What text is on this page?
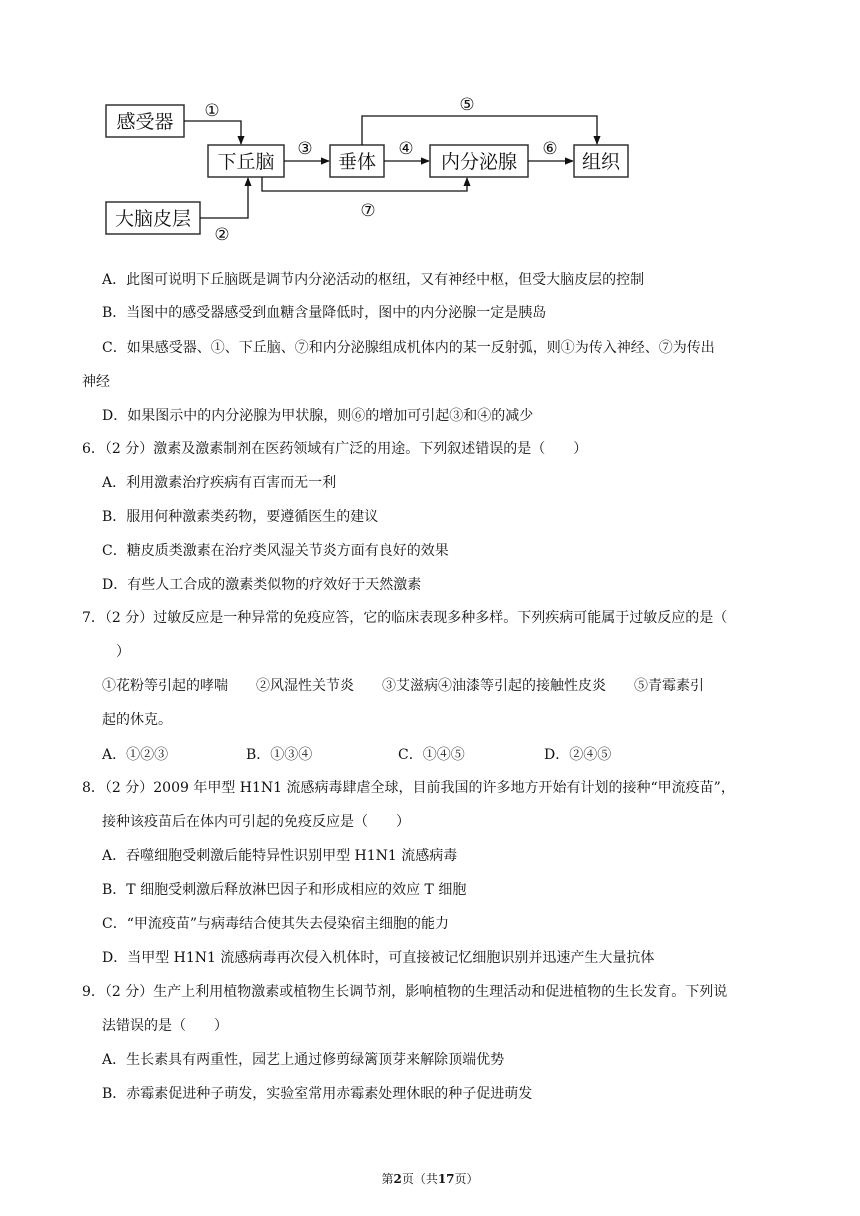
感受器
下丘脑
大脑皮层
垂体	内分泌腺	组织
①
②
③	④
⑤
⑥
⑦
A．此图可说明下丘脑既是调节内分泌活动的枢纽，又有神经中枢，但受大脑皮层的控制
B．当图中的感受器感受到血糖含量降低时，图中的内分泌腺一定是胰岛
C．如果感受器、①、下丘脑、⑦和内分泌腺组成机体内的某一反射弧，则①为传入神经、⑦为传出
神经
D．如果图示中的内分泌腺为甲状腺，则⑥的增加可引起③和④的减少
6．（2 分）激素及激素制剂在医药领域有广泛的用途。下列叙述错误的是（　　）
A．利用激素治疗疾病有百害而无一利
B．服用何种激素类药物，要遵循医生的建议
C．糖皮质类激素在治疗类风湿关节炎方面有良好的效果
D．有些人工合成的激素类似物的疗效好于天然激素
7．（2 分）过敏反应是一种异常的免疫应答，它的临床表现多种多样。下列疾病可能属于过敏反应的是（
）
①花粉等引起的哮喘　　②风湿性关节炎　　③艾滋病④油漆等引起的接触性皮炎　　⑤青霉素引
起的休克。
A．①②③	B．①③④	C．①④⑤	D．②④⑤
8．（2 分）2009 年甲型 H1N1 流感病毒肆虐全球，目前我国的许多地方开始有计划的接种“甲流疫苗”，
接种该疫苗后在体内可引起的免疫反应是（　　）
A．吞噬细胞受刺激后能特异性识别甲型 H1N1 流感病毒
B．T 细胞受刺激后释放淋巴因子和形成相应的效应 T 细胞
C．“甲流疫苗”与病毒结合使其失去侵染宿主细胞的能力
D．当甲型 H1N1 流感病毒再次侵入机体时，可直接被记忆细胞识别并迅速产生大量抗体
9．（2 分）生产上利用植物激素或植物生长调节剂，影响植物的生理活动和促进植物的生长发育。下列说
法错误的是（　　）
A．生长素具有两重性，园艺上通过修剪绿篱顶芽来解除顶端优势
B．赤霉素促进种子萌发，实验室常用赤霉素处理休眠的种子促进萌发
第2页（共17页）
